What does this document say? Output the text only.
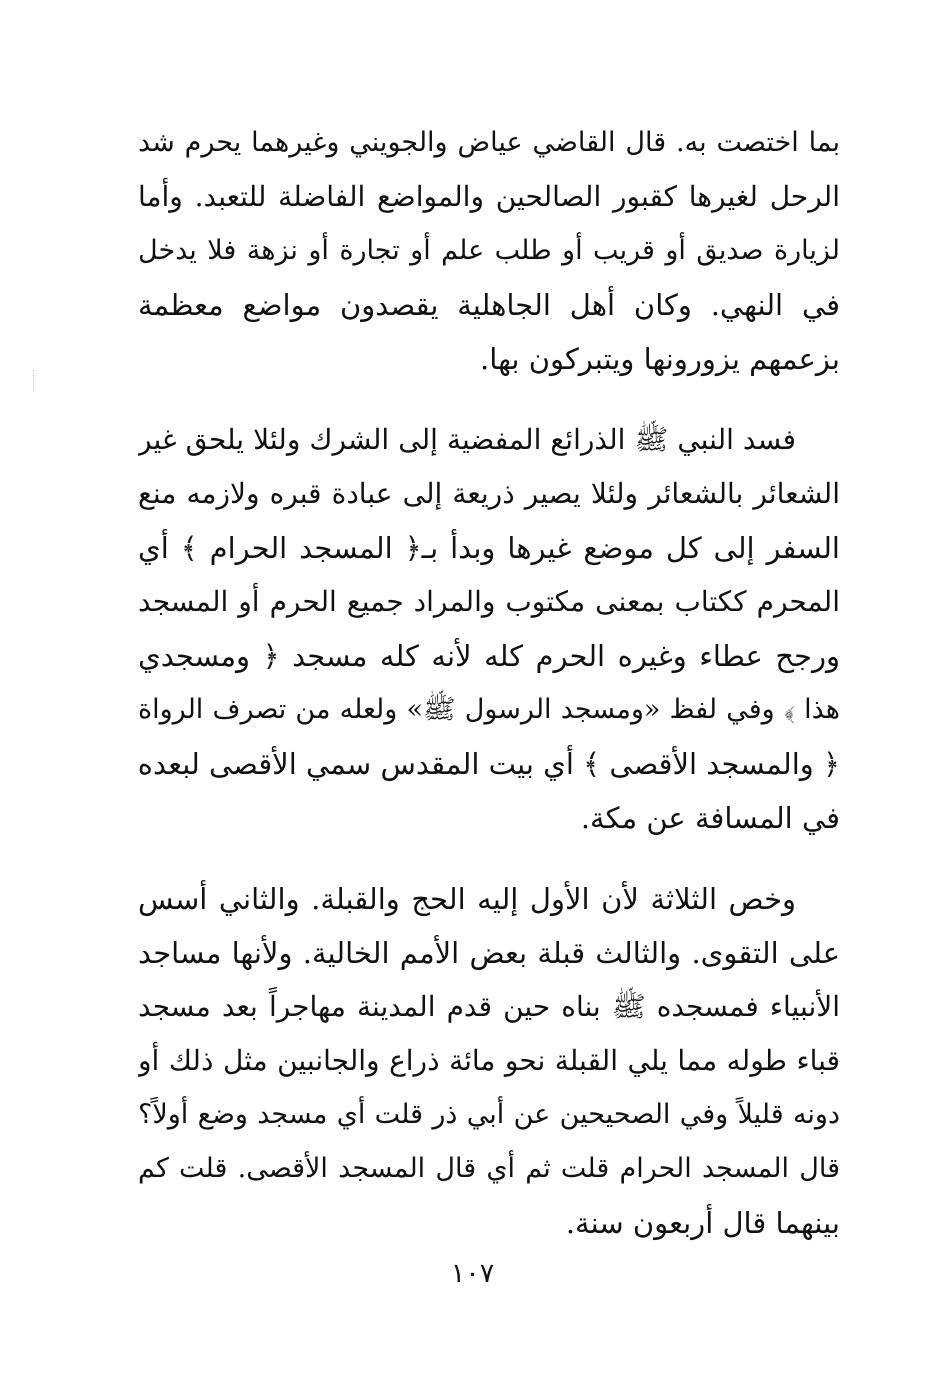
بما اختصت به. قال القاضي عياض والجويني وغيرهما يحرم شد
الرحل لغيرها كقبور الصالحين والمواضع الفاضلة للتعبد. وأما
لزيارة صديق أو قريب أو طلب علم أو تجارة أو نزهة فلا يدخل
في النهي. وكان أهل الجاهلية يقصدون مواضع معظمة
بزعمهم يزورونها ويتبركون بها.
فسد النبي ﷺ الذرائع المفضية إلى الشرك ولئلا يلحق غير
الشعائر بالشعائر ولئلا يصير ذريعة إلى عبادة قبره ولازمه منع
السفر إلى كل موضع غيرها وبدأ بـ﴿ المسجد الحرام ﴾ أي
المحرم ككتاب بمعنى مكتوب والمراد جميع الحرم أو المسجد
ورجح عطاء وغيره الحرم كله لأنه كله مسجد ﴿ ومسجدي
هذا ﴾ وفي لفظ «ومسجد الرسول ﷺ» ولعله من تصرف الرواة
﴿ والمسجد الأقصى ﴾ أي بيت المقدس سمي الأقصى لبعده
في المسافة عن مكة.
وخص الثلاثة لأن الأول إليه الحج والقبلة. والثاني أسس
على التقوى. والثالث قبلة بعض الأمم الخالية. ولأنها مساجد
الأنبياء فمسجده ﷺ بناه حين قدم المدينة مهاجراً بعد مسجد
قباء طوله مما يلي القبلة نحو مائة ذراع والجانبين مثل ذلك أو
دونه قليلاً وفي الصحيحين عن أبي ذر قلت أي مسجد وضع أولاً؟
قال المسجد الحرام قلت ثم أي قال المسجد الأقصى. قلت كم
بينهما قال أربعون سنة.
١٠٧
